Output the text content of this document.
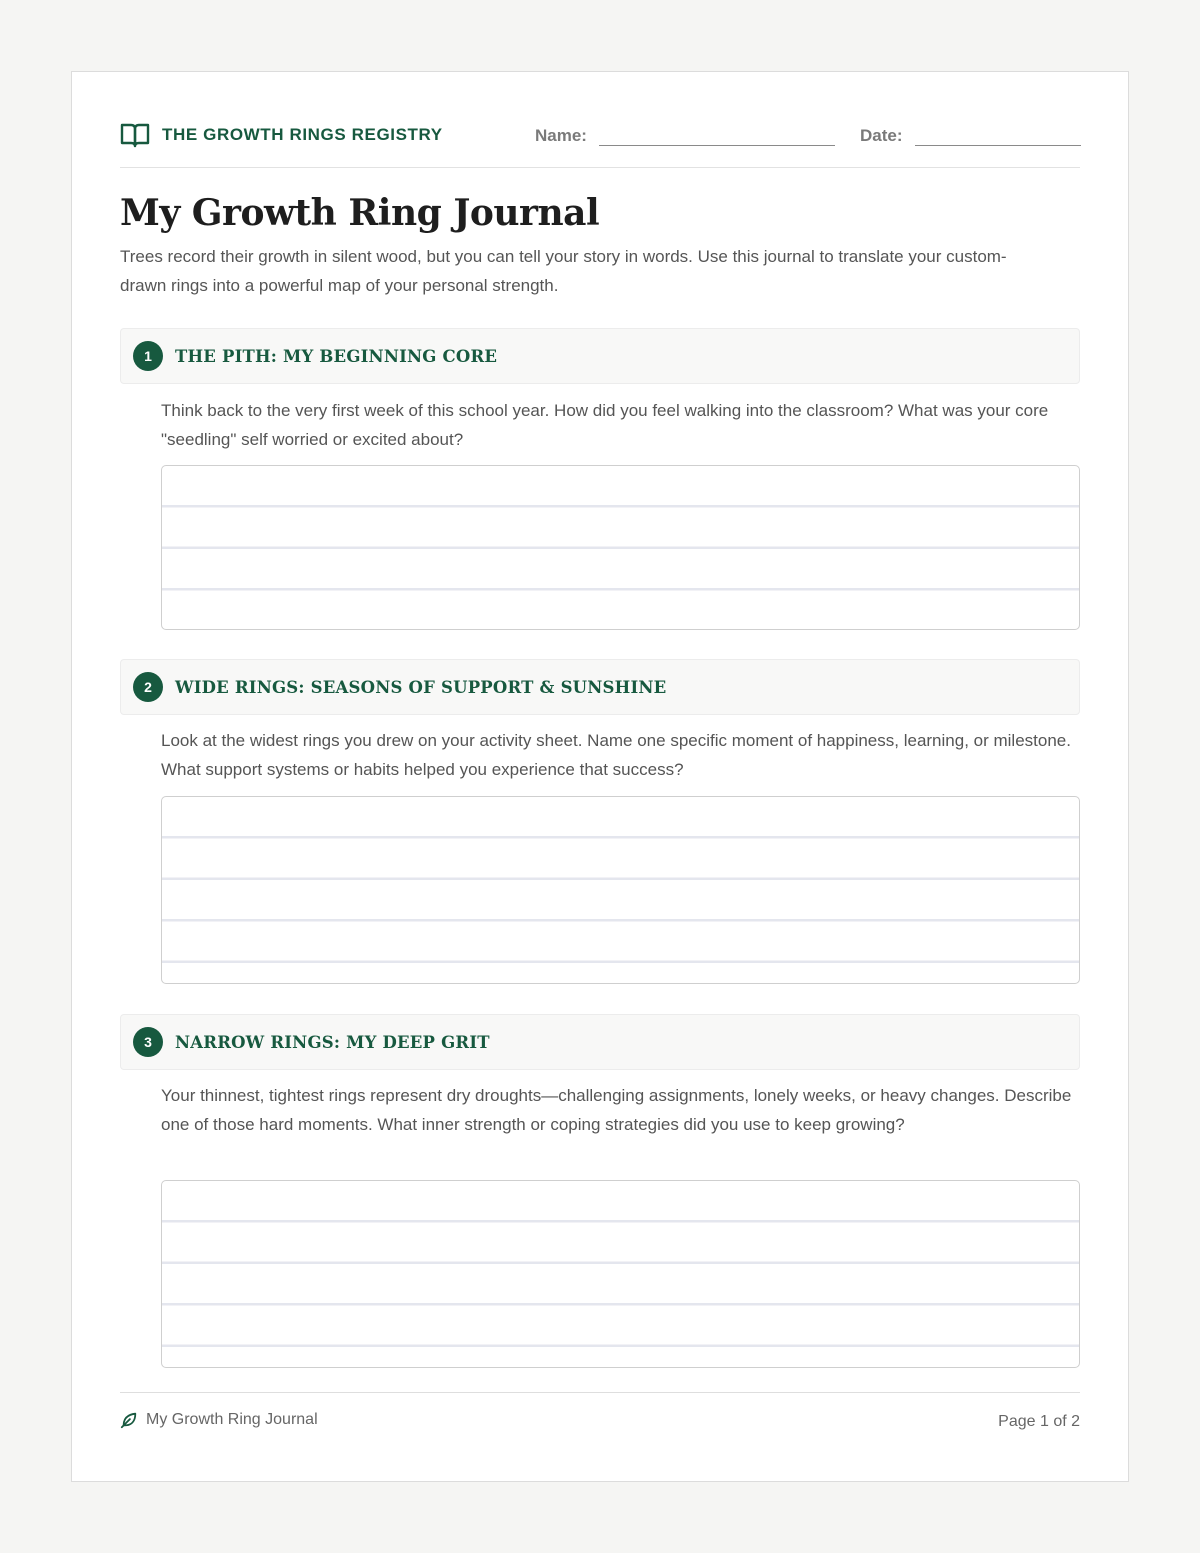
THE GROWTH RINGS REGISTRY	Name:	Date:
My Growth Ring Journal

Trees record their growth in silent wood, but you can tell your story in words. Use this journal to translate your custom-drawn rings into a powerful map of your personal strength.

1	THE PITH: MY BEGINNING CORE

Think back to the very first week of this school year. How did you feel walking into the classroom? What was your core "seedling" self worried or excited about?

2	WIDE RINGS: SEASONS OF SUPPORT & SUNSHINE

Look at the widest rings you drew on your activity sheet. Name one specific moment of happiness, learning, or milestone. What support systems or habits helped you experience that success?

3	NARROW RINGS: MY DEEP GRIT

Your thinnest, tightest rings represent dry droughts—challenging assignments, lonely weeks, or heavy changes. Describe one of those hard moments. What inner strength or coping strategies did you use to keep growing?

My Growth Ring Journal	Page 1 of 2
